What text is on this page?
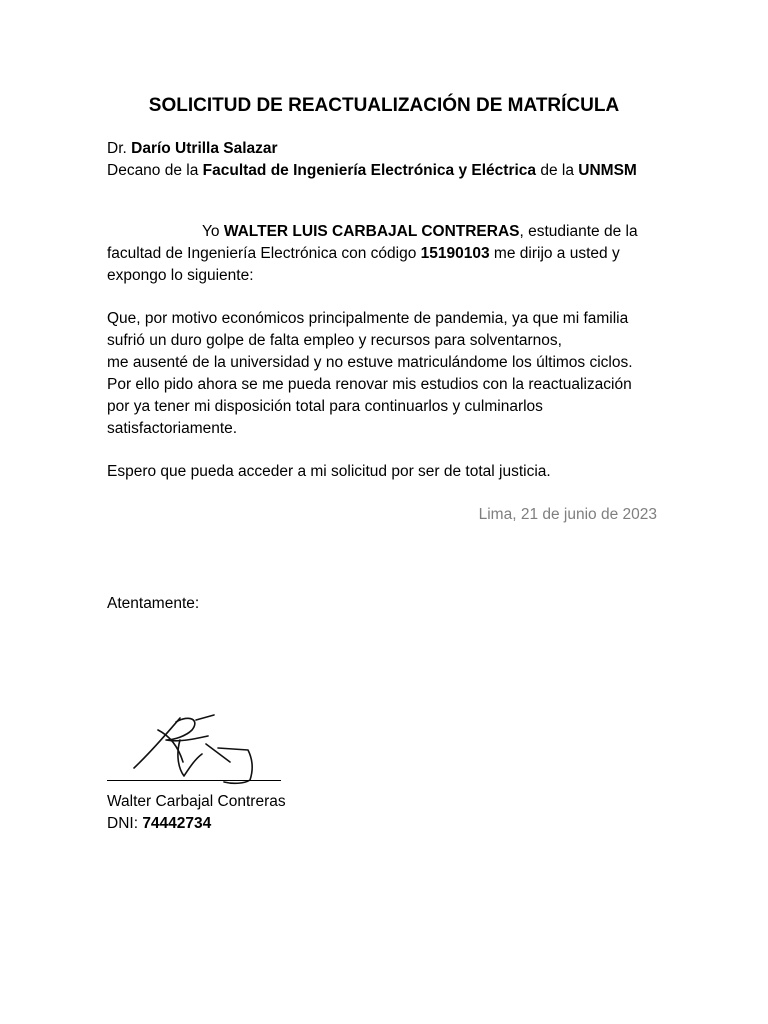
SOLICITUD DE REACTUALIZACIÓN DE MATRÍCULA

Dr. Darío Utrilla Salazar

Decano de la Facultad de Ingeniería Electrónica y Eléctrica de la UNMSM

Yo WALTER LUIS CARBAJAL CONTRERAS, estudiante de la facultad de Ingeniería Electrónica con código 15190103 me dirijo a usted y expongo lo siguiente:

Que, por motivo económicos principalmente de pandemia, ya que mi familia

sufrió un duro golpe de falta empleo y recursos para solventarnos,

me ausenté de la universidad y no estuve matriculándome los últimos ciclos.

Por ello pido ahora se me pueda renovar mis estudios con la reactualización

por ya tener mi disposición total para continuarlos y culminarlos

satisfactoriamente.

Espero que pueda acceder a mi solicitud por ser de total justicia.
Lima, 21 de junio de 2023
Atentamente:
Walter Carbajal Contreras
DNI: 74442734
